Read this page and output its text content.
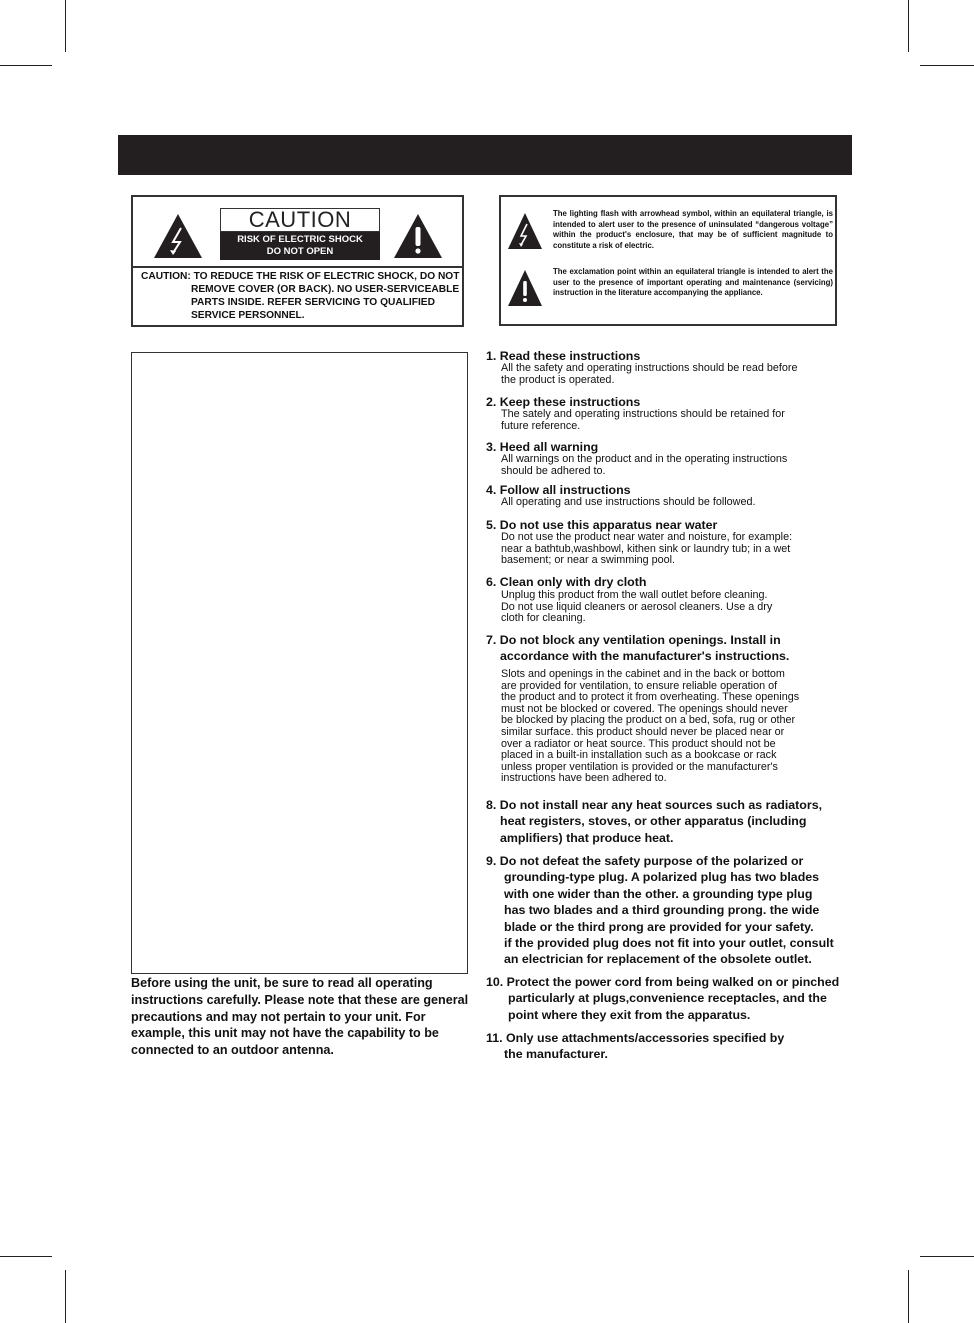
CAUTION
RISK OF ELECTRIC SHOCK
DO NOT OPEN
CAUTION: TO REDUCE THE RISK OF ELECTRIC SHOCK, DO NOT
REMOVE COVER (OR BACK). NO USER-SERVICEABLE
PARTS INSIDE. REFER SERVICING TO QUALIFIED
SERVICE PERSONNEL.
The lighting flash with arrowhead symbol, within an equilateral triangle, is intended to alert user to the presence of uninsulated “dangerous voltage” within the product's enclosure, that may be of sufficient magnitude to constitute a risk of electric.
The exclamation point within an equilateral triangle is intended to alert the user to the presence of important operating and maintenance (servicing) instruction in the literature accompanying the appliance.
Before using the unit, be sure to read all operating instructions carefully. Please note that these are general precautions and may not pertain to your unit. For example, this unit may not have the capability to be connected to an outdoor antenna.
1. Read these instructions
All the safety and operating instructions should be read before
the product is operated.
2. Keep these instructions
The sately and operating instructions should be retained for
future reference.
3. Heed all warning
All warnings on the product and in the operating instructions
should be adhered to.
4. Follow all instructions
All operating and use instructions should be followed.
5. Do not use this apparatus near water
Do not use the product near water and noisture, for example:
near a bathtub,washbowl, kithen sink or laundry tub; in a wet
basement; or near a swimming pool.
6. Clean only with dry cloth
Unplug this product from the wall outlet before cleaning.
Do not use liquid cleaners or aerosol cleaners. Use a dry
cloth for cleaning.
7. Do not block any ventilation openings. Install in
accordance with the manufacturer's instructions.
Slots and openings in the cabinet and in the back or bottom
are provided for ventilation, to ensure reliable operation of
the product and to protect it from overheating. These openings
must not be blocked or covered. The openings should never
be blocked by placing the product on a bed, sofa, rug or other
similar surface. this product should never be placed near or
over a radiator or heat source. This product should not be
placed in a built-in installation such as a bookcase or rack
unless proper ventilation is provided or the manufacturer's
instructions have been adhered to.
8. Do not install near any heat sources such as radiators,
heat registers, stoves, or other apparatus (including
amplifiers) that produce heat.
9. Do not defeat the safety purpose of the polarized or
grounding-type plug. A polarized plug has two blades
with one wider than the other. a grounding type plug
has two blades and a third grounding prong. the wide
blade or the third prong are provided for your safety.
if the provided plug does not fit into your outlet, consult
an electrician for replacement of the obsolete outlet.
10. Protect the power cord from being walked on or pinched
particularly at plugs,convenience receptacles, and the
point where they exit from the apparatus.
11. Only use attachments/accessories specified by
the manufacturer.
